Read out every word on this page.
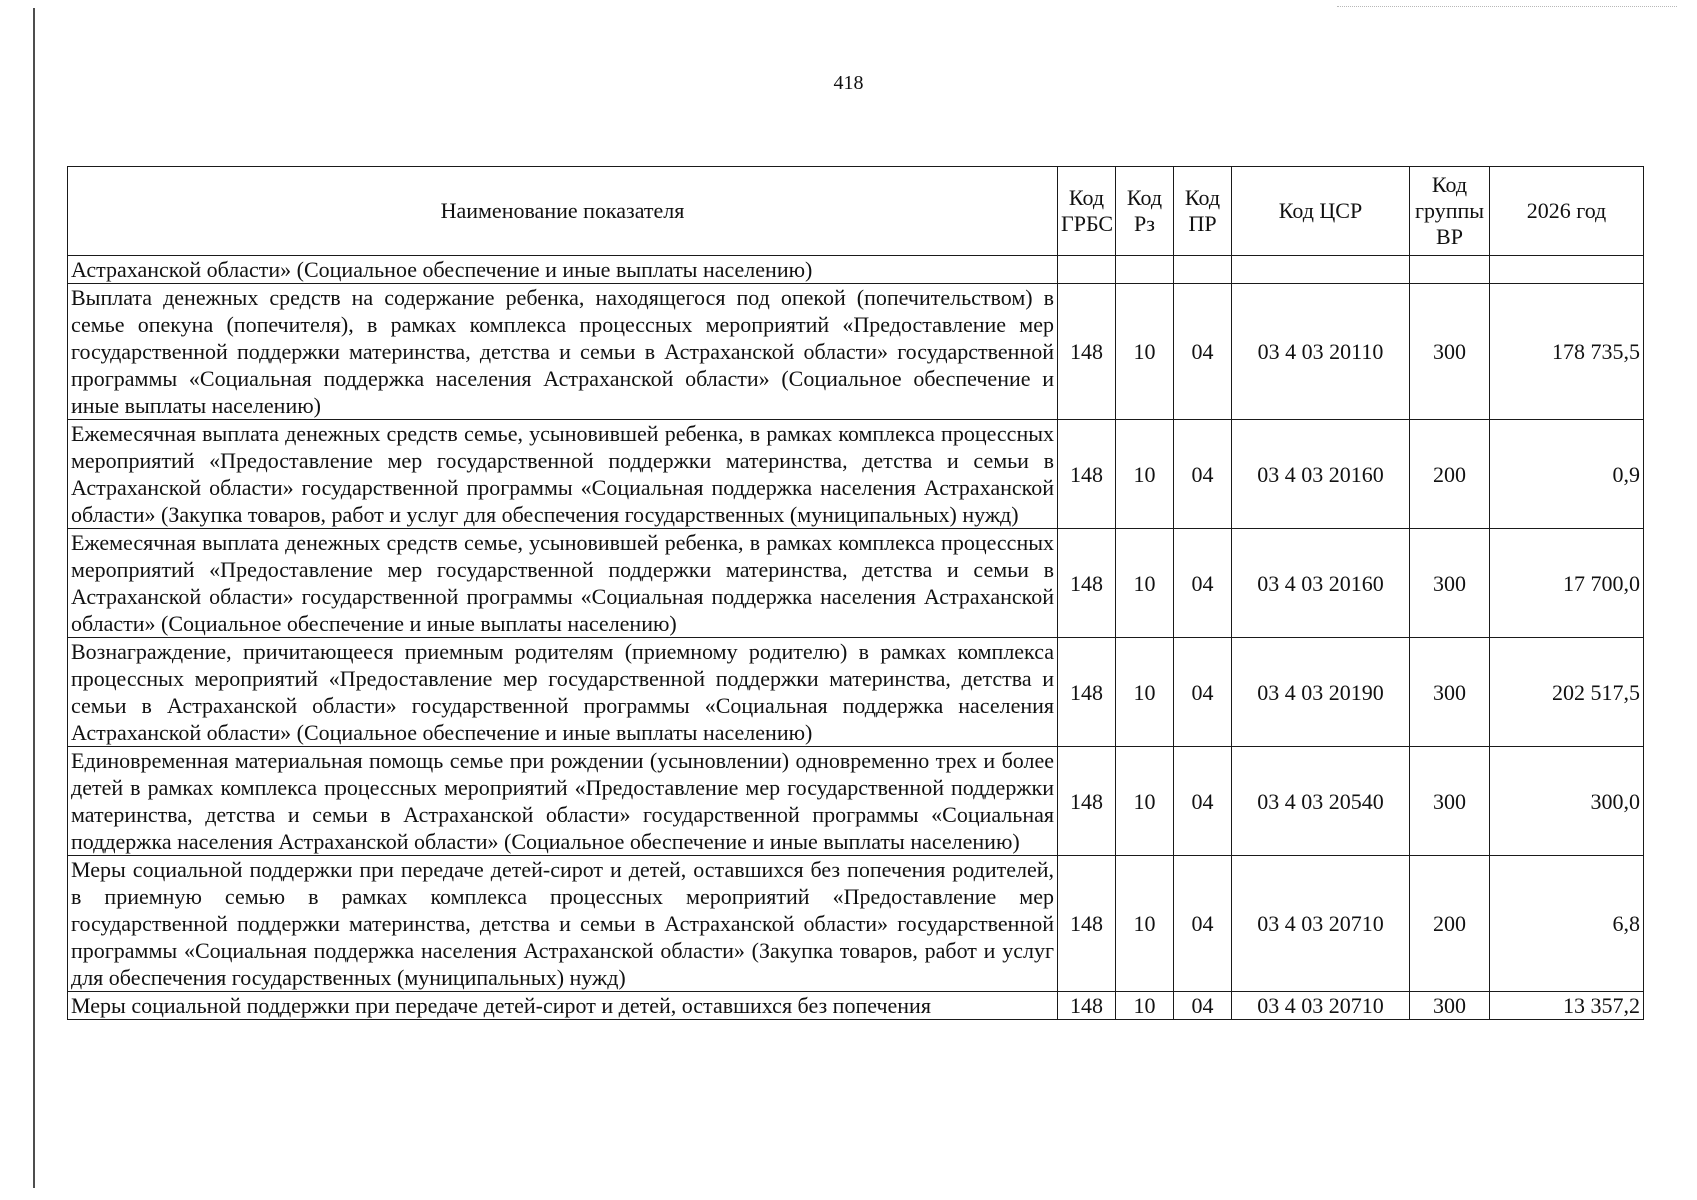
418
Наименование показателя	Код ГРБС	Код Рз	Код ПР	Код ЦСР	Код группы ВР	2026 год
Астраханской области» (Социальное обеспечение и иные выплаты населению)						
Выплата денежных средств на содержание ребенка, находящегося под опекой (попечительством) в семье опекуна (попечителя), в рамках комплекса процессных мероприятий «Предоставление мер государственной поддержки материнства, детства и семьи в Астраханской области» государственной программы «Социальная поддержка населения Астраханской области» (Социальное обеспечение и иные выплаты населению)	148	10	04	03 4 03 20110	300	178 735,5
Ежемесячная выплата денежных средств семье, усыновившей ребенка, в рамках комплекса процессных мероприятий «Предоставление мер государственной поддержки материнства, детства и семьи в Астраханской области» государственной программы «Социальная поддержка населения Астраханской области» (Закупка товаров, работ и услуг для обеспечения государственных (муниципальных) нужд)	148	10	04	03 4 03 20160	200	0,9
Ежемесячная выплата денежных средств семье, усыновившей ребенка, в рамках комплекса процессных мероприятий «Предоставление мер государственной поддержки материнства, детства и семьи в Астраханской области» государственной программы «Социальная поддержка населения Астраханской области» (Социальное обеспечение и иные выплаты населению)	148	10	04	03 4 03 20160	300	17 700,0
Вознаграждение, причитающееся приемным родителям (приемному родителю) в рамках комплекса процессных мероприятий «Предоставление мер государственной поддержки материнства, детства и семьи в Астраханской области» государственной программы «Социальная поддержка населения Астраханской области» (Социальное обеспечение и иные выплаты населению)	148	10	04	03 4 03 20190	300	202 517,5
Единовременная материальная помощь семье при рождении (усыновлении) одновременно трех и более детей в рамках комплекса процессных мероприятий «Предоставление мер государственной поддержки материнства, детства и семьи в Астраханской области» государственной программы «Социальная поддержка населения Астраханской области» (Социальное обеспечение и иные выплаты населению)	148	10	04	03 4 03 20540	300	300,0
Меры социальной поддержки при передаче детей-сирот и детей, оставшихся без попечения родителей, в приемную семью в рамках комплекса процессных мероприятий «Предоставление мер государственной поддержки материнства, детства и семьи в Астраханской области» государственной программы «Социальная поддержка населения Астраханской области» (Закупка товаров, работ и услуг для обеспечения государственных (муниципальных) нужд)	148	10	04	03 4 03 20710	200	6,8
Меры социальной поддержки при передаче детей-сирот и детей, оставшихся без попечения	148	10	04	03 4 03 20710	300	13 357,2
